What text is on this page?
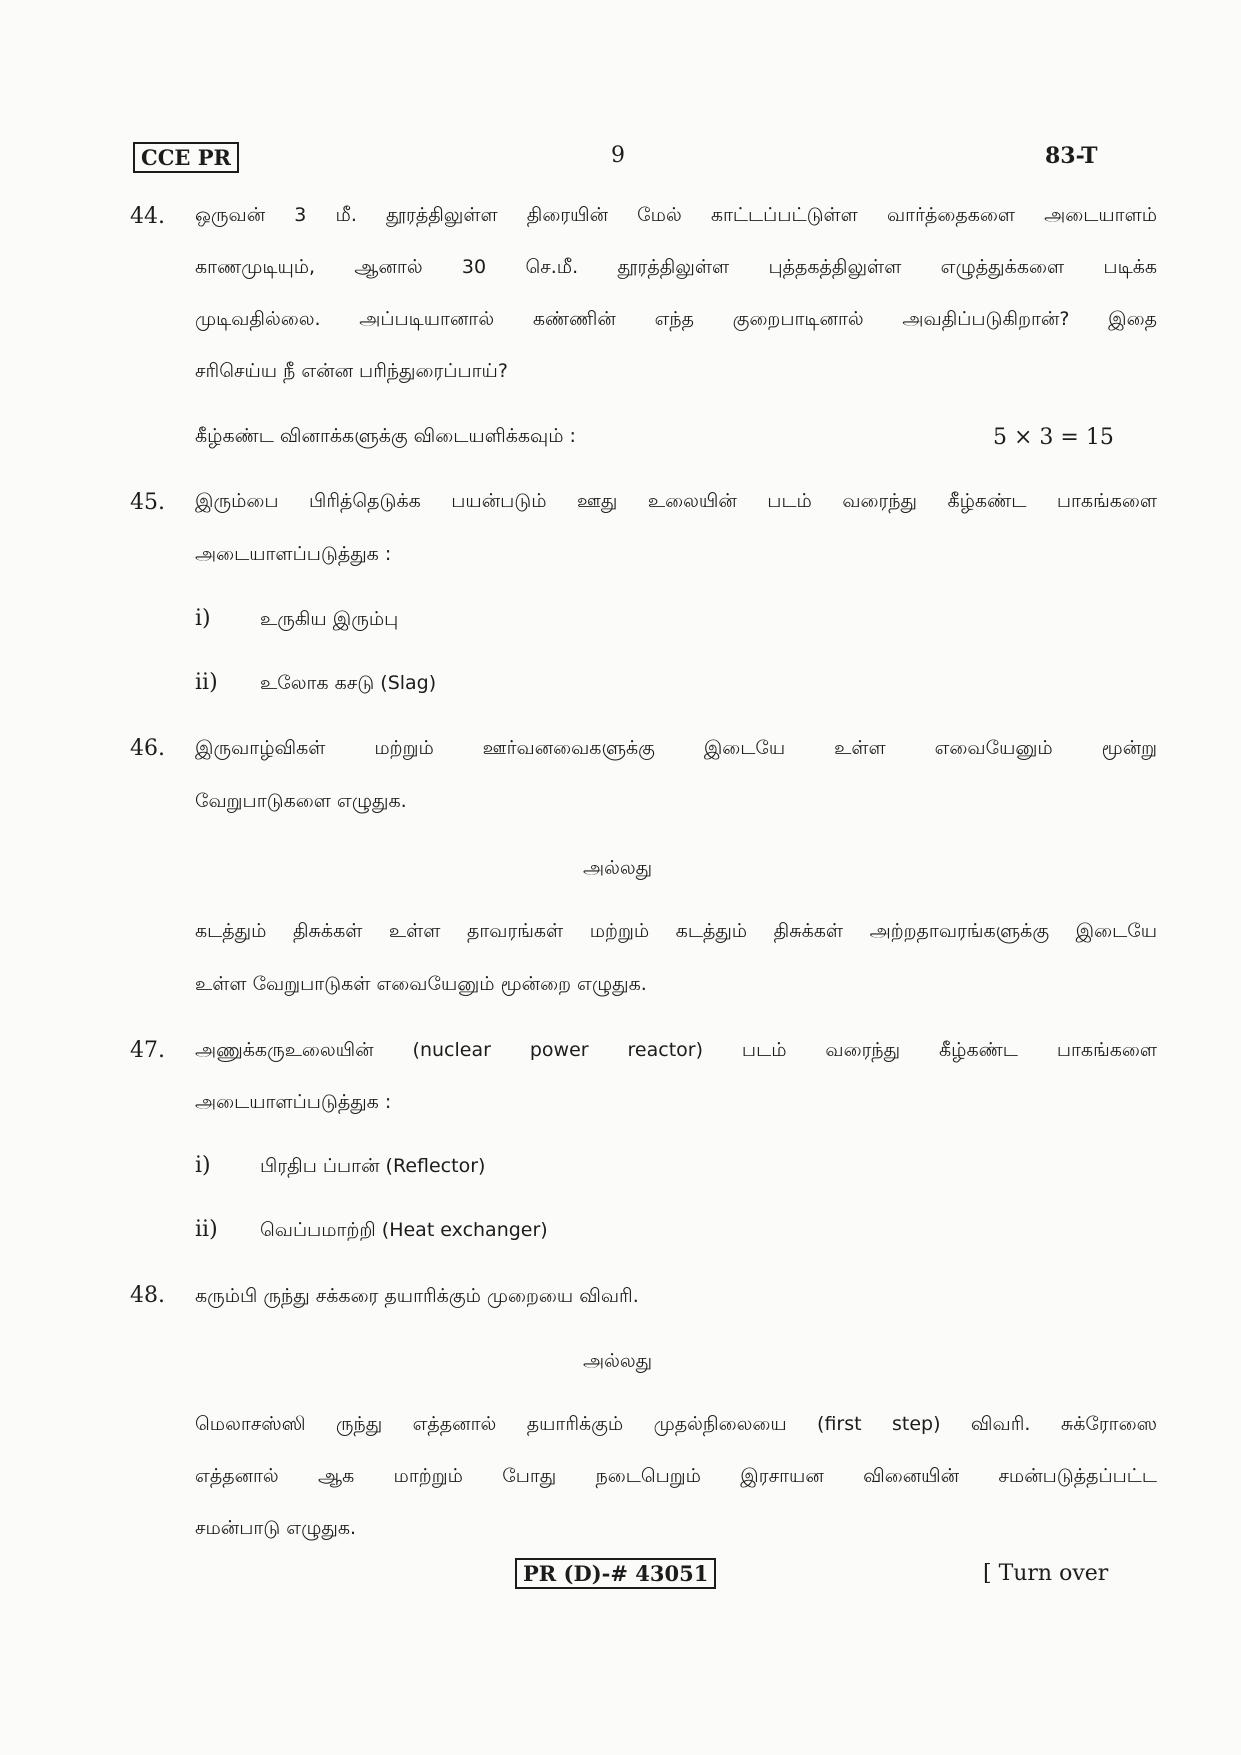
CCE PR	9	83-T
44. ஒருவன் 3 மீ. தூரத்திலுள்ள திரையின் மேல் காட்டப்பட்டுள்ள வார்த்தைகளை அடையாளம்
காணமுடியும், ஆனால் 30 செ.மீ. தூரத்திலுள்ள புத்தகத்திலுள்ள எழுத்துக்களை படிக்க
முடிவதில்லை. அப்படியானால் கண்ணின் எந்த குறைபாடினால் அவதிப்படுகிறான்? இதை
சரிசெய்ய நீ என்ன பரிந்துரைப்பாய்?
கீழ்கண்ட வினாக்களுக்கு விடையளிக்கவும் :	5 × 3 = 15
45. இரும்பை பிரித்தெடுக்க பயன்படும் ஊது உலையின் படம் வரைந்து கீழ்கண்ட பாகங்களை
அடையாளப்படுத்துக :
i)	உருகிய இரும்பு
ii) உலோக கசடு (Slag)
46. இருவாழ்விகள் மற்றும் ஊர்வனவைகளுக்கு இடையே உள்ள எவையேனும் மூன்று
வேறுபாடுகளை எழுதுக.
அல்லது
கடத்தும் திசுக்கள் உள்ள தாவரங்கள் மற்றும் கடத்தும் திசுக்கள் அற்றதாவரங்களுக்கு இடையே
உள்ள வேறுபாடுகள் எவையேனும் மூன்றை எழுதுக.
47. அணுக்கருஉலையின் (nuclear power reactor) படம் வரைந்து கீழ்கண்ட பாகங்களை
அடையாளப்படுத்துக :
i)	பிரதிப ப்பான் (Reflector)
ii) வெப்பமாற்றி (Heat exchanger)
48. கரும்பி ருந்து சக்கரை தயாரிக்கும் முறையை விவரி.
அல்லது
மெலாசஸ்ஸி ருந்து எத்தனால் தயாரிக்கும் முதல்நிலையை (first step) விவரி. சுக்ரோஸை
எத்தனால் ஆக மாற்றும் போது நடைபெறும் இரசாயன வினையின் சமன்படுத்தப்பட்ட
சமன்பாடு எழுதுக.
PR (D)-# 43051	[ Turn over
